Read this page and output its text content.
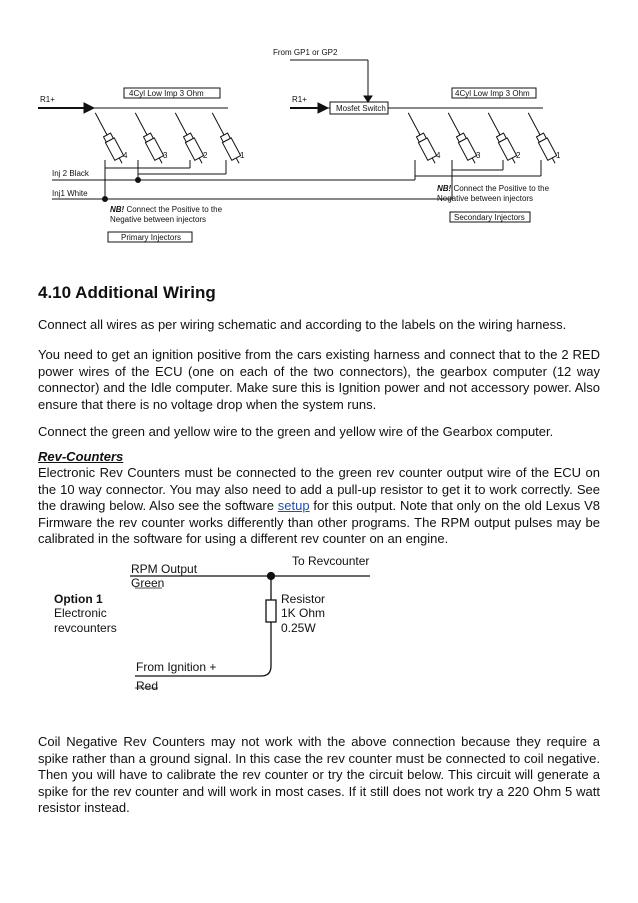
From GP1 or GP2
R1+	R1+
4Cyl Low Imp 3 Ohm	4Cyl Low Imp 3 Ohm
Mosfet Switch
Inj 2 Black
Inj1 White
NB! Connect the Positive to the
Negative between injectors
NB! Connect the Positive to the
Negative between injectors
Primary Injectors
Secondary Injectors
4	3	2	1	4	3	2	1
4.10 Additional Wiring

Connect all wires as per wiring schematic and according to the labels on the wiring harness.

You need to get an ignition positive from the cars existing harness and connect that to the 2 RED power wires of the ECU (one on each of the two connectors), the gearbox computer (12 way connector) and the Idle computer. Make sure this is Ignition power and not accessory power. Also ensure that there is no voltage drop when the system runs.

Connect the green and yellow wire to the green and yellow wire of the Gearbox computer.

Rev-Counters

Electronic Rev Counters must be connected to the green rev counter output wire of the ECU on the 10 way connector. You may also need to add a pull-up resistor to get it to work correctly. See the drawing below. Also see the software setup for this output. Note that only on the old Lexus V8 Firmware the rev counter works differently than other programs. The RPM output pulses may be calibrated in the software for using a different rev counter on an engine.

RPM Output
Green
To Revcounter
Option 1
Electronic
revcounters
Resistor
1K Ohm
0.25W
From Ignition +
Red

Coil Negative Rev Counters may not work with the above connection because they require a spike rather than a ground signal. In this case the rev counter must be connected to coil negative. Then you will have to calibrate the rev counter or try the circuit below. This circuit will generate a spike for the rev counter and will work in most cases. If it still does not work try a 220 Ohm 5 watt resistor instead.
